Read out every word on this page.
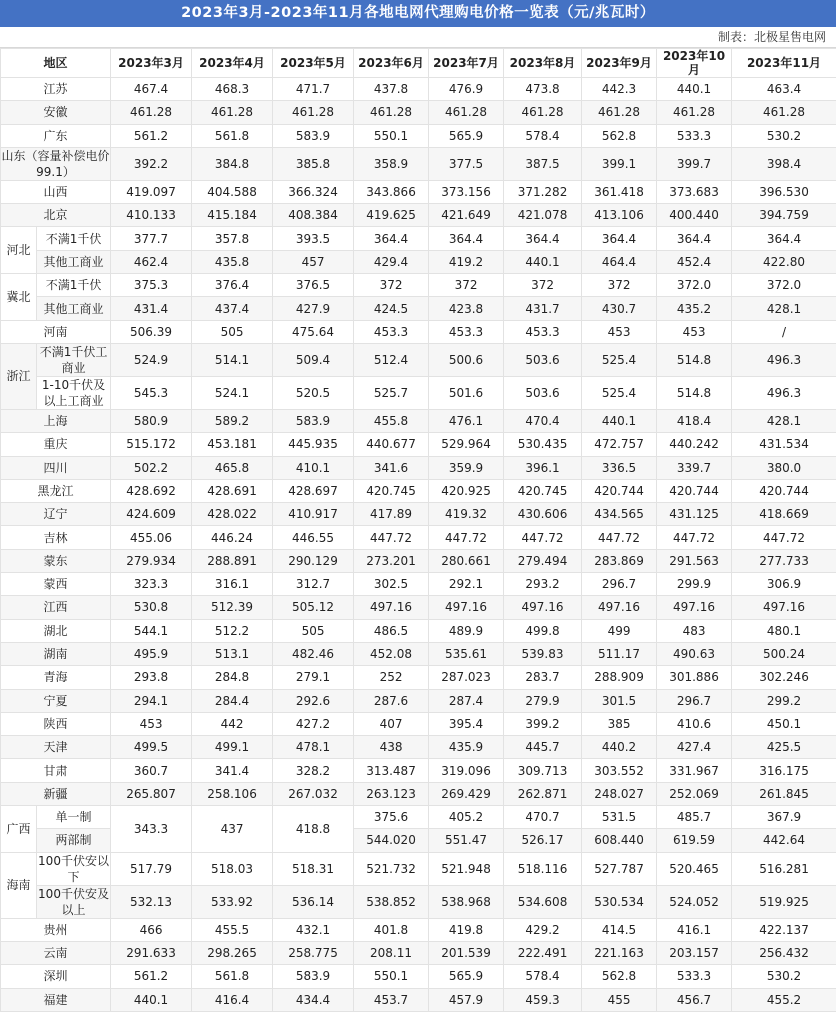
2023年3月-2023年11月各地电网代理购电价格一览表（元/兆瓦时）
制表：北极星售电网
地区		2023年3月	2023年4月	2023年5月	2023年6月	2023年7月	2023年8月	2023年9月	2023年10月	2023年11月
江苏		467.4	468.3	471.7	437.8	476.9	473.8	442.3	440.1	463.4
安徽		461.28	461.28	461.28	461.28	461.28	461.28	461.28	461.28	461.28
广东		561.2	561.8	583.9	550.1	565.9	578.4	562.8	533.3	530.2
山东（容量补偿电价99.1）		392.2	384.8	385.8	358.9	377.5	387.5	399.1	399.7	398.4
山西		419.097	404.588	366.324	343.866	373.156	371.282	361.418	373.683	396.530
北京		410.133	415.184	408.384	419.625	421.649	421.078	413.106	400.440	394.759
河北	不满1千伏	377.7	357.8	393.5	364.4	364.4	364.4	364.4	364.4	364.4
	其他工商业	462.4	435.8	457	429.4	419.2	440.1	464.4	452.4	422.80
冀北	不满1千伏	375.3	376.4	376.5	372	372	372	372	372.0	372.0
	其他工商业	431.4	437.4	427.9	424.5	423.8	431.7	430.7	435.2	428.1
河南		506.39	505	475.64	453.3	453.3	453.3	453	453	/
浙江	不满1千伏工商业	524.9	514.1	509.4	512.4	500.6	503.6	525.4	514.8	496.3
	1-10千伏及以上工商业	545.3	524.1	520.5	525.7	501.6	503.6	525.4	514.8	496.3
上海		580.9	589.2	583.9	455.8	476.1	470.4	440.1	418.4	428.1
重庆		515.172	453.181	445.935	440.677	529.964	530.435	472.757	440.242	431.534
四川		502.2	465.8	410.1	341.6	359.9	396.1	336.5	339.7	380.0
黑龙江		428.692	428.691	428.697	420.745	420.925	420.745	420.744	420.744	420.744
辽宁		424.609	428.022	410.917	417.89	419.32	430.606	434.565	431.125	418.669
吉林		455.06	446.24	446.55	447.72	447.72	447.72	447.72	447.72	447.72
蒙东		279.934	288.891	290.129	273.201	280.661	279.494	283.869	291.563	277.733
蒙西		323.3	316.1	312.7	302.5	292.1	293.2	296.7	299.9	306.9
江西		530.8	512.39	505.12	497.16	497.16	497.16	497.16	497.16	497.16
湖北		544.1	512.2	505	486.5	489.9	499.8	499	483	480.1
湖南		495.9	513.1	482.46	452.08	535.61	539.83	511.17	490.63	500.24
青海		293.8	284.8	279.1	252	287.023	283.7	288.909	301.886	302.246
宁夏		294.1	284.4	292.6	287.6	287.4	279.9	301.5	296.7	299.2
陕西		453	442	427.2	407	395.4	399.2	385	410.6	450.1
天津		499.5	499.1	478.1	438	435.9	445.7	440.2	427.4	425.5
甘肃		360.7	341.4	328.2	313.487	319.096	309.713	303.552	331.967	316.175
新疆		265.807	258.106	267.032	263.123	269.429	262.871	248.027	252.069	261.845
广西	单一制	343.3	437	418.8	375.6	405.2	470.7	531.5	485.7	367.9
	两部制				544.020	551.47	526.17	608.440	619.59	442.64
海南	100千伏安以下	517.79	518.03	518.31	521.732	521.948	518.116	527.787	520.465	516.281
	100千伏安及以上	532.13	533.92	536.14	538.852	538.968	534.608	530.534	524.052	519.925
贵州		466	455.5	432.1	401.8	419.8	429.2	414.5	416.1	422.137
云南		291.633	298.265	258.775	208.11	201.539	222.491	221.163	203.157	256.432
深圳		561.2	561.8	583.9	550.1	565.9	578.4	562.8	533.3	530.2
福建		440.1	416.4	434.4	453.7	457.9	459.3	455	456.7	455.2
